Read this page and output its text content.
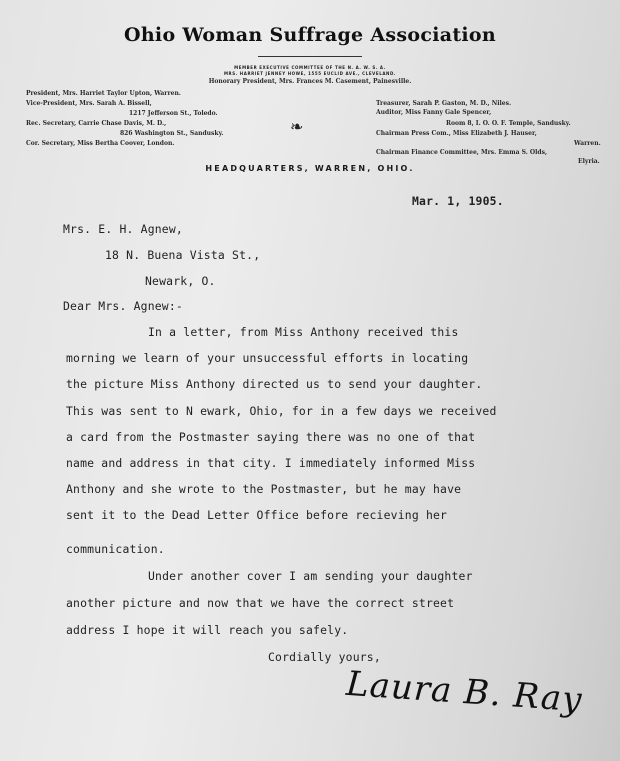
Ohio Woman Suffrage Association
MEMBER EXECUTIVE COMMITTEE OF THE N. A. W. S. A.
MRS. HARRIET JENNEY HOWE, 1555 EUCLID AVE., CLEVELAND.
Honorary President, Mrs. Frances M. Casement, Painesville.
President, Mrs. Harriet Taylor Upton, Warren.
Vice-President, Mrs. Sarah A. Bissell,
1217 Jefferson St., Toledo.
Rec. Secretary, Carrie Chase Davis, M. D.,
826 Washington St., Sandusky.
Cor. Secretary, Miss Bertha Coover, London.
❧
Treasurer, Sarah P. Gaston, M. D., Niles.
Auditor, Miss Fanny Gale Spencer,
Room 8, I. O. O. F. Temple, Sandusky.
Chairman Press Com., Miss Elizabeth J. Hauser,
Warren.
Chairman Finance Committee, Mrs. Emma S. Olds,
Elyria.
HEADQUARTERS, WARREN, OHIO.
Mar. 1, 1905.
Mrs. E. H. Agnew,
18 N. Buena Vista St.,
Newark, O.
Dear Mrs. Agnew:-
In a letter, from Miss Anthony received this
morning we learn of your unsuccessful efforts in locating
the picture Miss Anthony directed us to send your daughter.
This was sent to N ewark, Ohio, for in a few days we received
a card from the Postmaster saying there was no one of that
name and address in that city. I immediately informed Miss
Anthony and she wrote to the Postmaster, but he may have
sent it to the Dead Letter Office before recieving her
communication.
Under another cover I am sending your daughter
another picture and now that we have the correct street
address I hope it will reach you safely.
Cordially yours,
Laura B. Ray
